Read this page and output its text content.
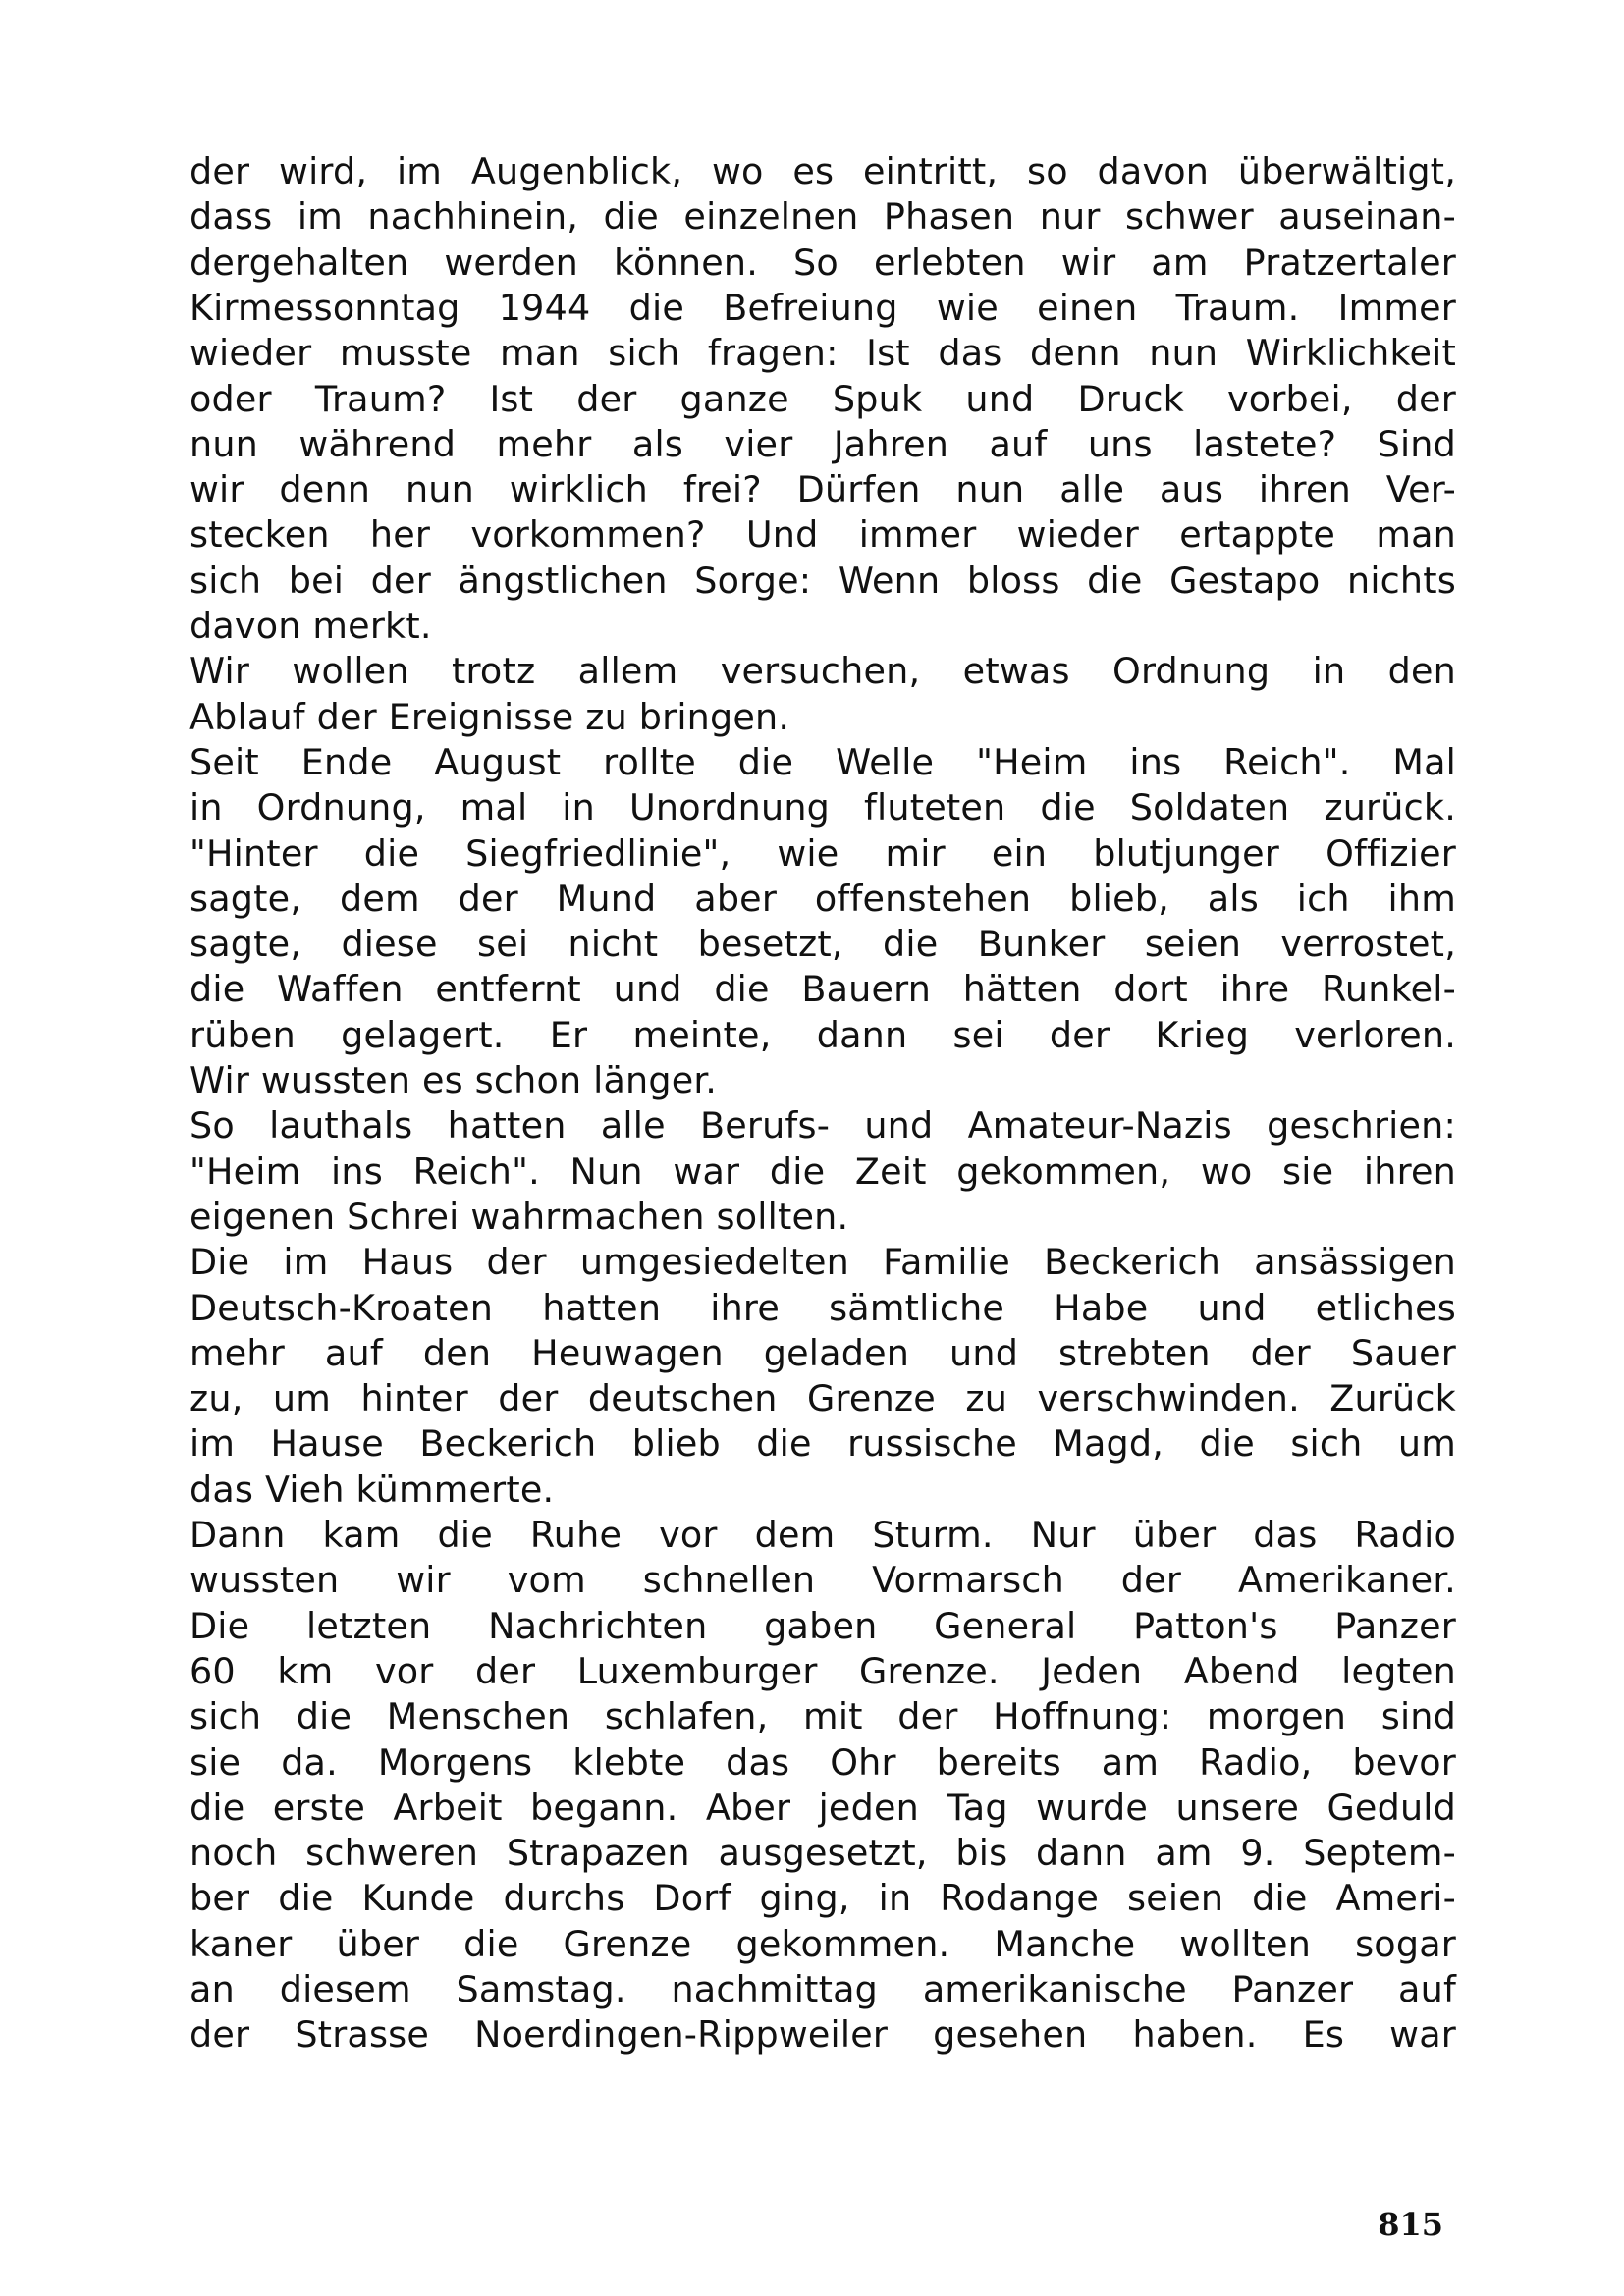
der wird, im Augenblick, wo es eintritt, so davon überwältigt,
dass im nachhinein, die einzelnen Phasen nur schwer auseinan-
dergehalten werden können. So erlebten wir am Pratzertaler
Kirmessonntag 1944 die Befreiung wie einen Traum. Immer
wieder musste man sich fragen: Ist das denn nun Wirklichkeit
oder Traum? Ist der ganze Spuk und Druck vorbei, der
nun während mehr als vier Jahren auf uns lastete? Sind
wir denn nun wirklich frei? Dürfen nun alle aus ihren Ver-
stecken her vorkommen? Und immer wieder ertappte man
sich bei der ängstlichen Sorge: Wenn bloss die Gestapo nichts
davon merkt.
Wir wollen trotz allem versuchen, etwas Ordnung in den
Ablauf der Ereignisse zu bringen.
Seit Ende August rollte die Welle "Heim ins Reich". Mal
in Ordnung, mal in Unordnung fluteten die Soldaten zurück.
"Hinter die Siegfriedlinie", wie mir ein blutjunger Offizier
sagte, dem der Mund aber offenstehen blieb, als ich ihm
sagte, diese sei nicht besetzt, die Bunker seien verrostet,
die Waffen entfernt und die Bauern hätten dort ihre Runkel-
rüben gelagert. Er meinte, dann sei der Krieg verloren.
Wir wussten es schon länger.
So lauthals hatten alle Berufs- und Amateur-Nazis geschrien:
"Heim ins Reich". Nun war die Zeit gekommen, wo sie ihren
eigenen Schrei wahrmachen sollten.
Die im Haus der umgesiedelten Familie Beckerich ansässigen
Deutsch-Kroaten hatten ihre sämtliche Habe und etliches
mehr auf den Heuwagen geladen und strebten der Sauer
zu, um hinter der deutschen Grenze zu verschwinden. Zurück
im Hause Beckerich blieb die russische Magd, die sich um
das Vieh kümmerte.
Dann kam die Ruhe vor dem Sturm. Nur über das Radio
wussten wir vom schnellen Vormarsch der Amerikaner.
Die letzten Nachrichten gaben General Patton's Panzer
60 km vor der Luxemburger Grenze. Jeden Abend legten
sich die Menschen schlafen, mit der Hoffnung: morgen sind
sie da. Morgens klebte das Ohr bereits am Radio, bevor
die erste Arbeit begann. Aber jeden Tag wurde unsere Geduld
noch schweren Strapazen ausgesetzt, bis dann am 9. Septem-
ber die Kunde durchs Dorf ging, in Rodange seien die Ameri-
kaner über die Grenze gekommen. Manche wollten sogar
an diesem Samstag. nachmittag amerikanische Panzer auf
der Strasse Noerdingen-Rippweiler gesehen haben. Es war
815
